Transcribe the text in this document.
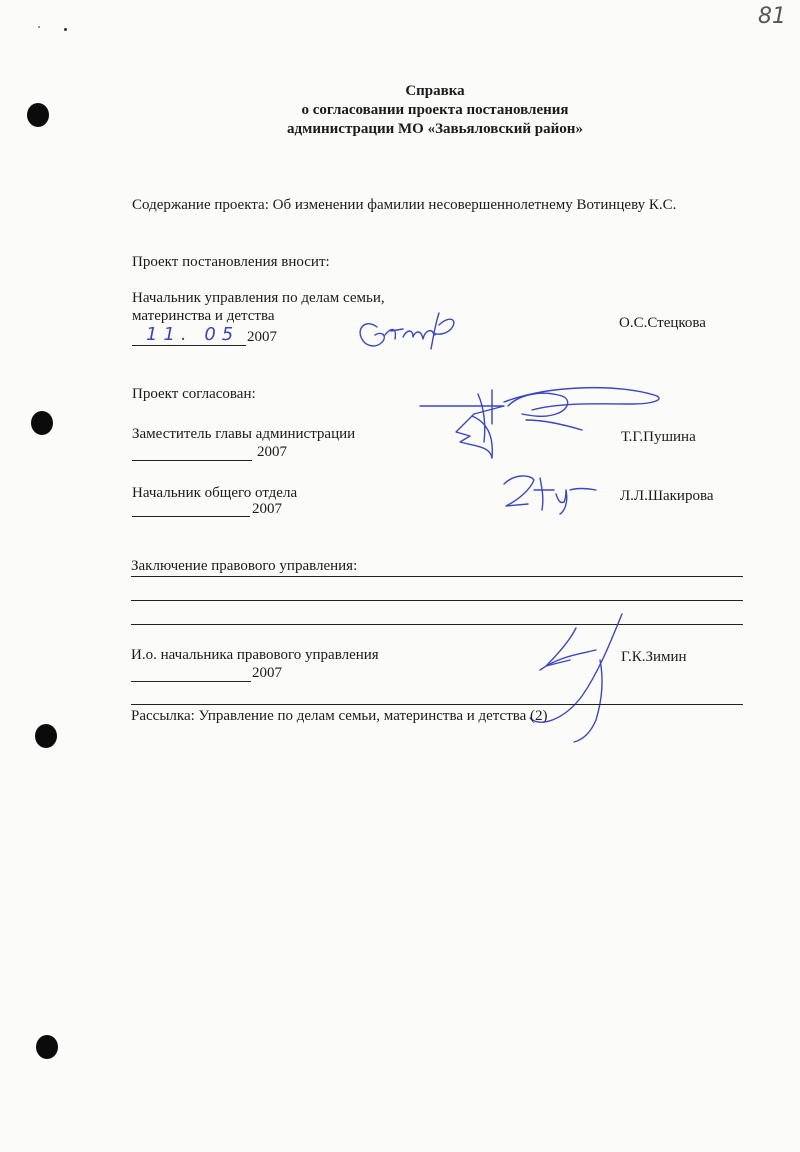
81
Справка
о согласовании проекта постановления
администрации МО «Завьяловский район»
Содержание проекта: Об изменении фамилии несовершеннолетнему Вотинцеву К.С.
Проект постановления вносит:
Начальник управления по делам семьи,
материнства и детства
11. 05 2007
О.С.Стецкова
Проект согласован:
Заместитель главы администрации
2007
Т.Г.Пушина
Начальник общего отдела
2007
Л.Л.Шакирова
Заключение правового управления:
И.о. начальника правового управления
2007
Г.К.Зимин
Рассылка: Управление по делам семьи, материнства и детства (2)
